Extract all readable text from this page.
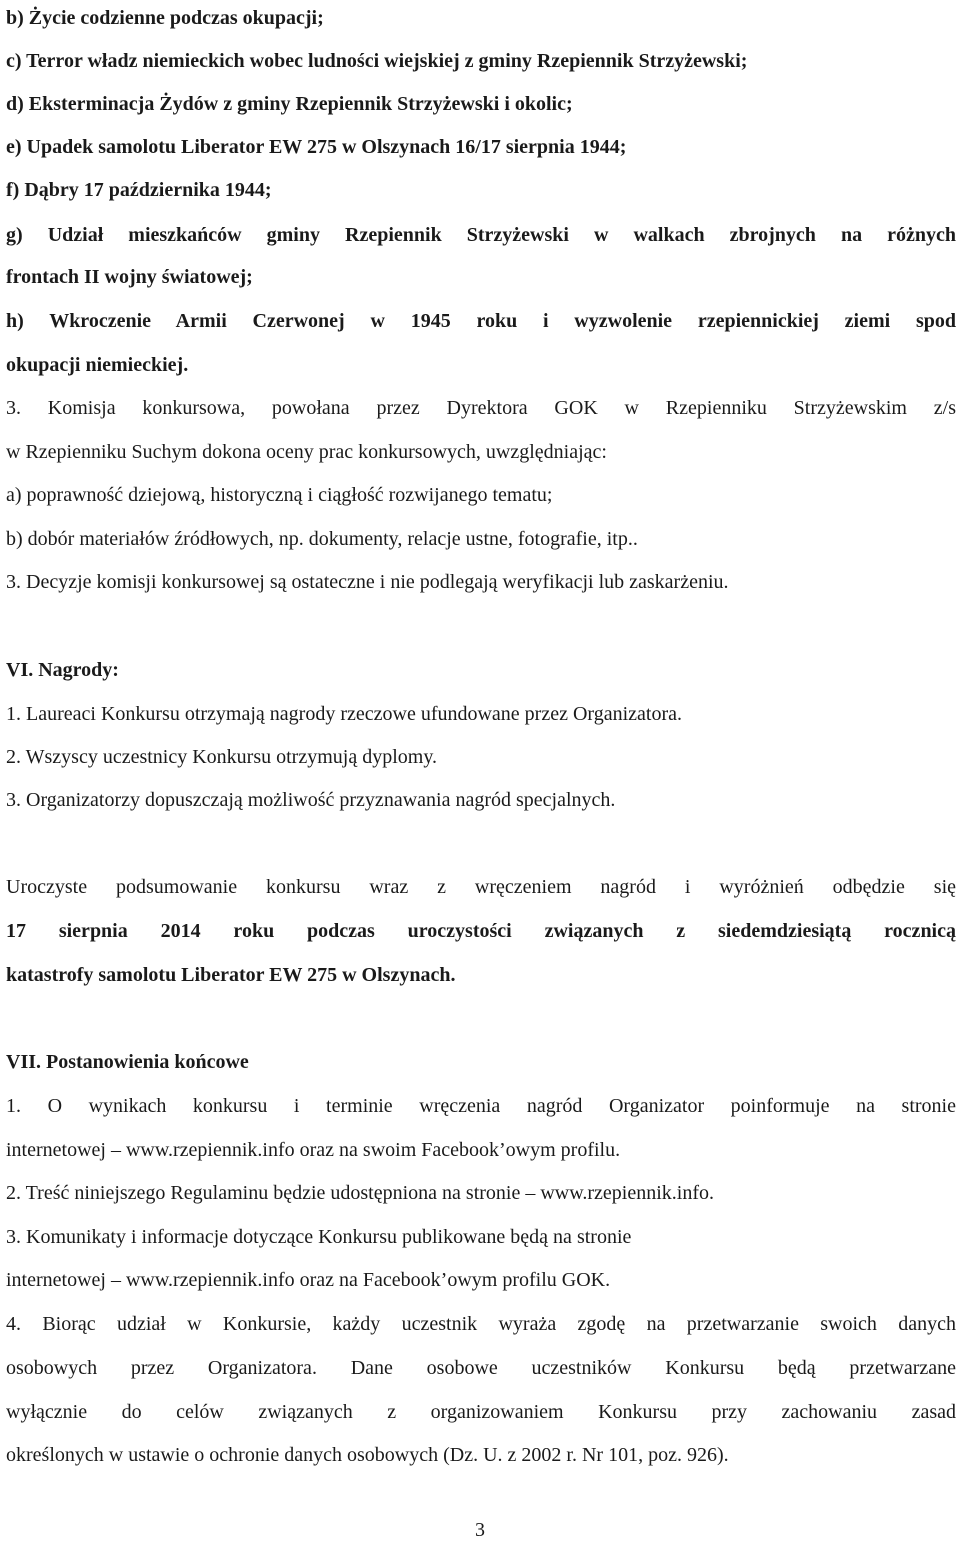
b) Życie codzienne podczas okupacji;
c) Terror władz niemieckich wobec ludności wiejskiej z gminy Rzepiennik Strzyżewski;
d) Eksterminacja Żydów z gminy Rzepiennik Strzyżewski i okolic;
e) Upadek samolotu Liberator EW 275 w Olszynach 16/17 sierpnia 1944;
f) Dąbry 17 października 1944;
g) Udział mieszkańców gminy Rzepiennik Strzyżewski w walkach zbrojnych na różnych
frontach II wojny światowej;
h) Wkroczenie Armii Czerwonej w 1945 roku i wyzwolenie rzepiennickiej ziemi spod
okupacji niemieckiej.
3. Komisja konkursowa, powołana przez Dyrektora GOK w Rzepienniku Strzyżewskim z/s
w Rzepienniku Suchym dokona oceny prac konkursowych, uwzględniając:
a) poprawność dziejową, historyczną i ciągłość rozwijanego tematu;
b) dobór materiałów źródłowych, np. dokumenty, relacje ustne, fotografie, itp..
3. Decyzje komisji konkursowej są ostateczne i nie podlegają weryfikacji lub zaskarżeniu.
VI. Nagrody:
1. Laureaci Konkursu otrzymają nagrody rzeczowe ufundowane przez Organizatora.
2. Wszyscy uczestnicy Konkursu otrzymują dyplomy.
3. Organizatorzy dopuszczają możliwość przyznawania nagród specjalnych.
Uroczyste podsumowanie konkursu wraz z wręczeniem nagród i wyróżnień odbędzie się
17 sierpnia 2014 roku podczas uroczystości związanych z siedemdziesiątą rocznicą
katastrofy samolotu Liberator EW 275 w Olszynach.
VII. Postanowienia końcowe
1. O wynikach konkursu i terminie wręczenia nagród Organizator poinformuje na stronie
internetowej – www.rzepiennik.info oraz na swoim Facebook’owym profilu.
2. Treść niniejszego Regulaminu będzie udostępniona na stronie – www.rzepiennik.info.
3. Komunikaty i informacje dotyczące Konkursu publikowane będą na stronie
internetowej – www.rzepiennik.info oraz na Facebook’owym profilu GOK.
4. Biorąc udział w Konkursie, każdy uczestnik wyraża zgodę na przetwarzanie swoich danych
osobowych przez Organizatora. Dane osobowe uczestników Konkursu będą przetwarzane
wyłącznie do celów związanych z organizowaniem Konkursu przy zachowaniu zasad
określonych w ustawie o ochronie danych osobowych (Dz. U. z 2002 r. Nr 101, poz. 926).
3
